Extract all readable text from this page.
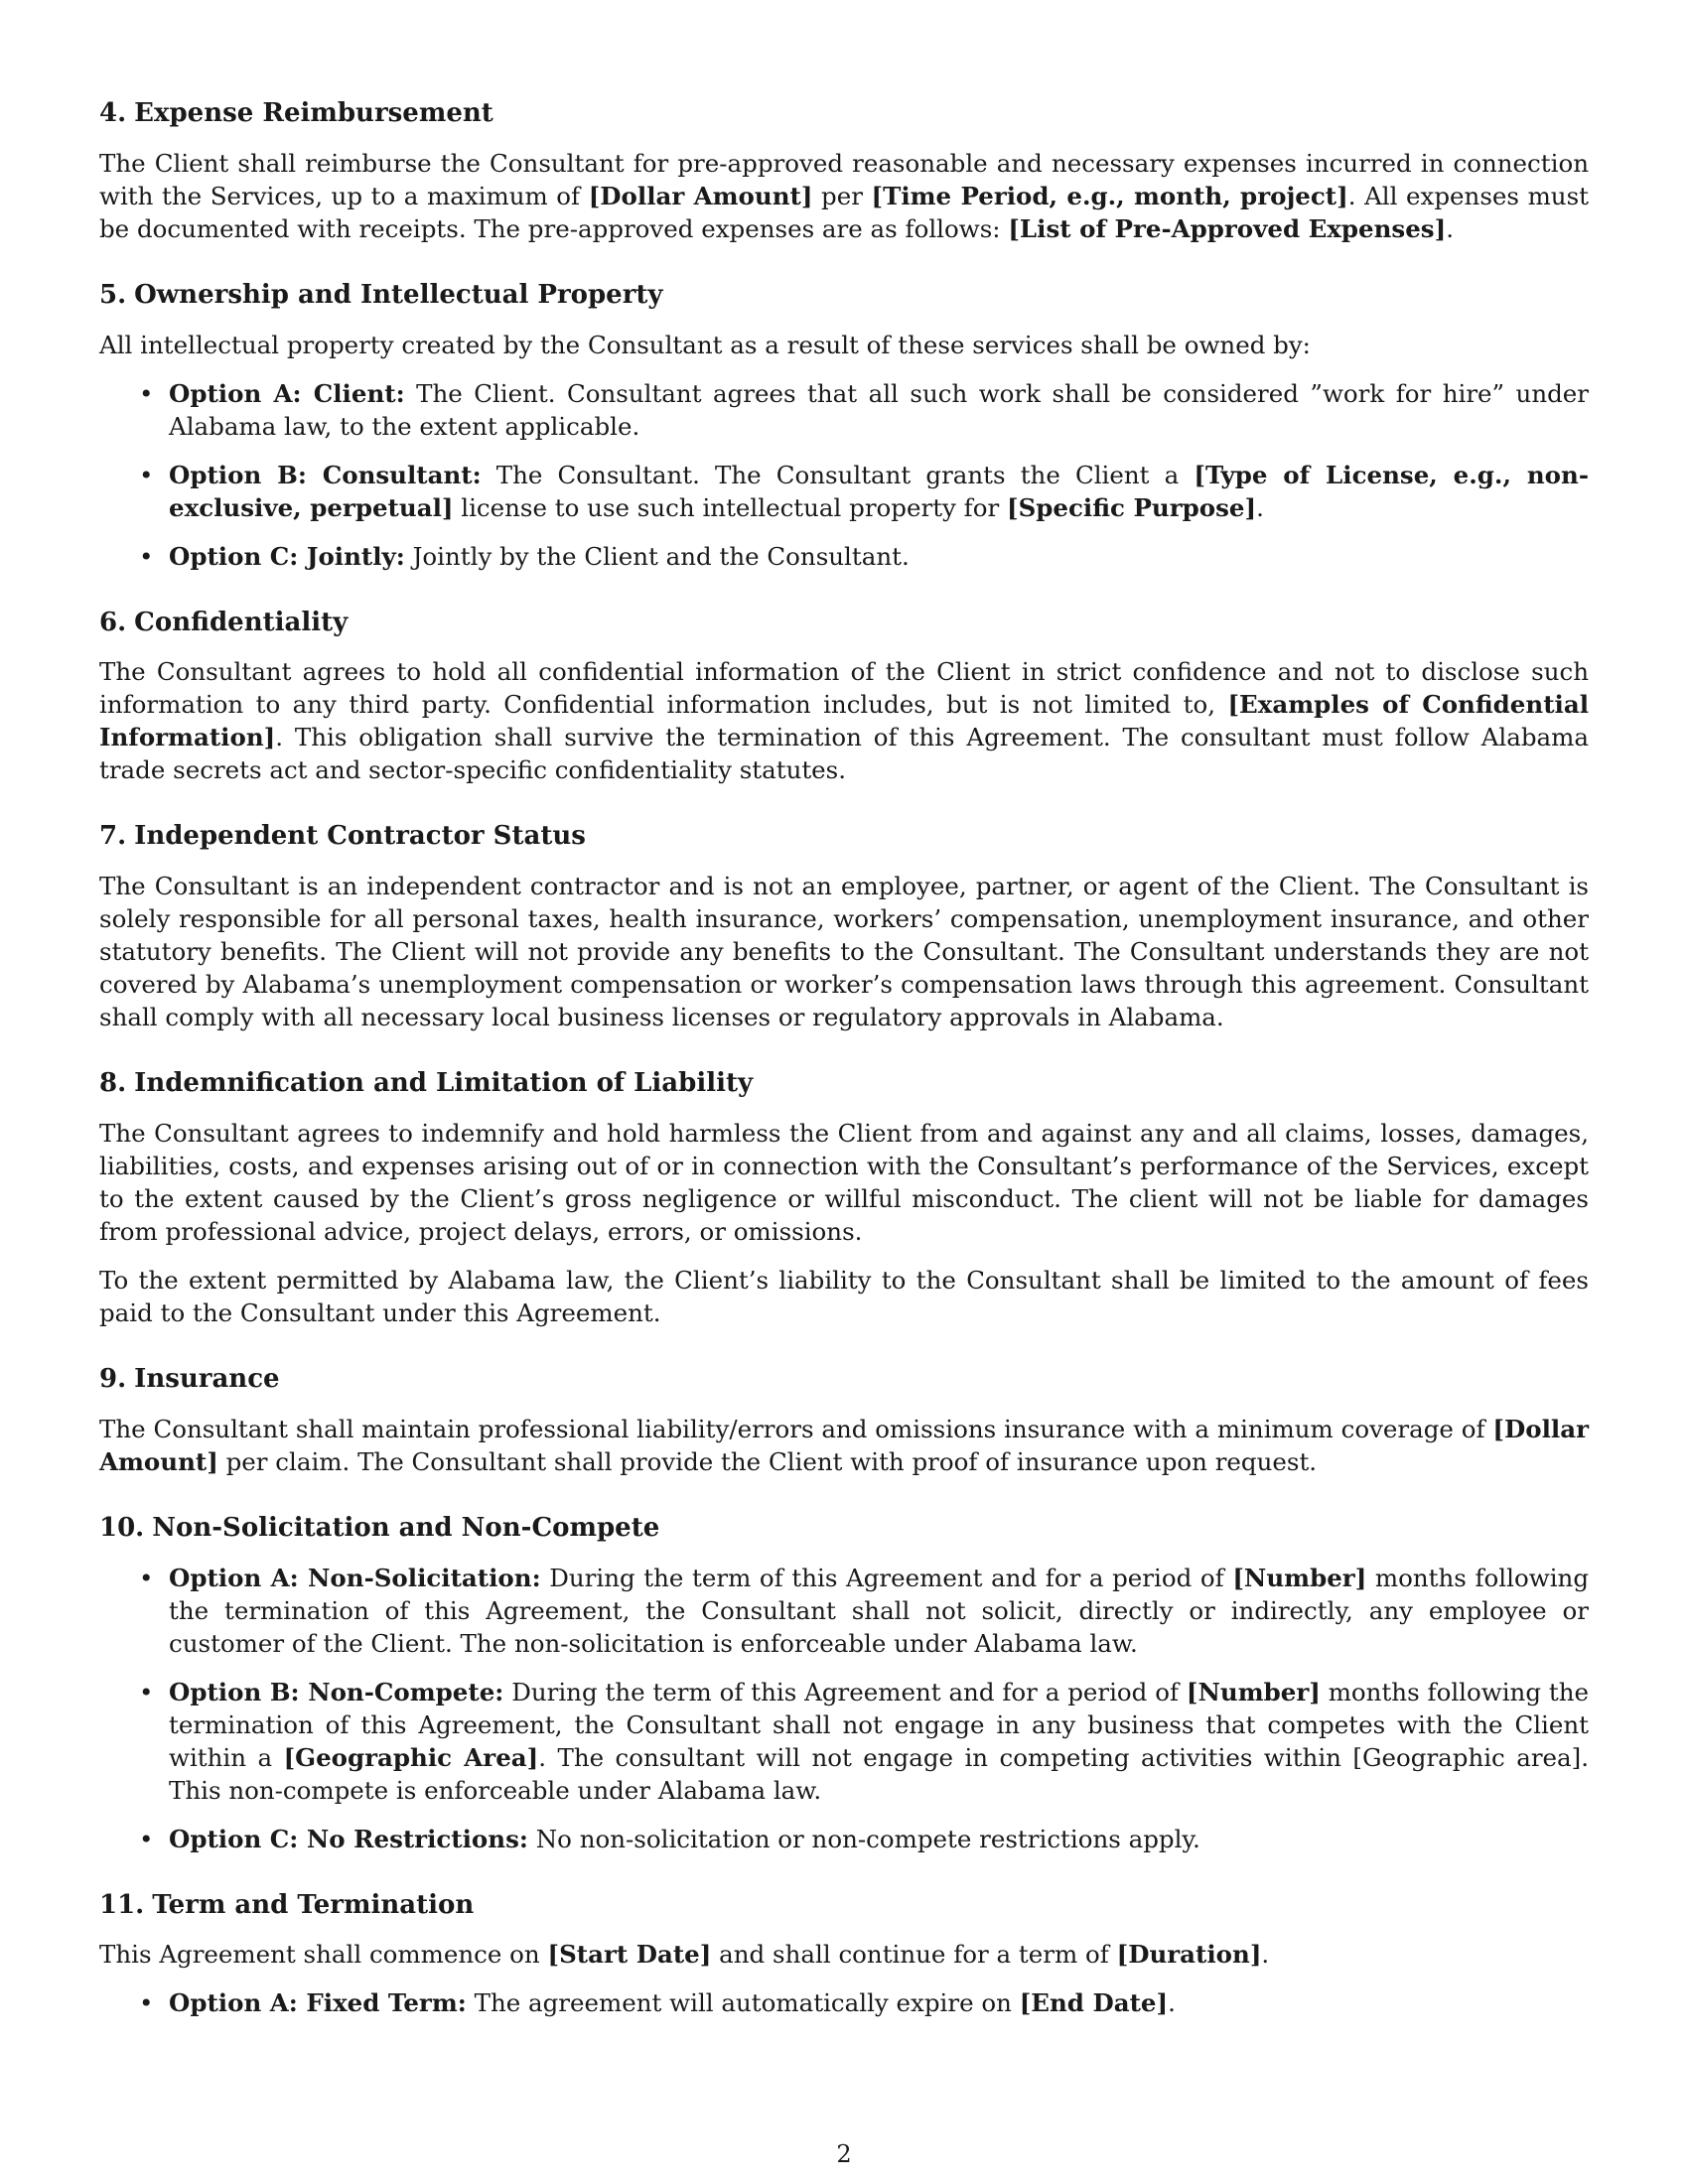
4. Expense Reimbursement

The Client shall reimburse the Consultant for pre-approved reasonable and necessary expenses incurred in connection with the Services, up to a maximum of [Dollar Amount] per [Time Period, e.g., month, project]. All expenses must be documented with receipts. The pre-approved expenses are as follows: [List of Pre-Approved Expenses].

5. Ownership and Intellectual Property

All intellectual property created by the Consultant as a result of these services shall be owned by:

• Option A: Client: The Client. Consultant agrees that all such work shall be considered ”work for hire” under Alabama law, to the extent applicable.
• Option B: Consultant: The Consultant. The Consultant grants the Client a [Type of License, e.g., non-exclusive, perpetual] license to use such intellectual property for [Specific Purpose].
• Option C: Jointly: Jointly by the Client and the Consultant.
6. Confidentiality

The Consultant agrees to hold all confidential information of the Client in strict confidence and not to disclose such information to any third party. Confidential information includes, but is not limited to, [Examples of Confidential Information]. This obligation shall survive the termination of this Agreement. The consultant must follow Alabama trade secrets act and sector-specific confidentiality statutes.

7. Independent Contractor Status

The Consultant is an independent contractor and is not an employee, partner, or agent of the Client. The Consultant is solely responsible for all personal taxes, health insurance, workers’ compensation, unemployment insurance, and other statutory benefits. The Client will not provide any benefits to the Consultant. The Consultant understands they are not covered by Alabama’s unemployment compensation or worker’s compensation laws through this agreement. Consultant shall comply with all necessary local business licenses or regulatory approvals in Alabama.

8. Indemnification and Limitation of Liability

The Consultant agrees to indemnify and hold harmless the Client from and against any and all claims, losses, damages, liabilities, costs, and expenses arising out of or in connection with the Consultant’s performance of the Services, except to the extent caused by the Client’s gross negligence or willful misconduct. The client will not be liable for damages from professional advice, project delays, errors, or omissions.

To the extent permitted by Alabama law, the Client’s liability to the Consultant shall be limited to the amount of fees paid to the Consultant under this Agreement.

9. Insurance

The Consultant shall maintain professional liability/errors and omissions insurance with a minimum coverage of [Dollar Amount] per claim. The Consultant shall provide the Client with proof of insurance upon request.

10. Non-Solicitation and Non-Compete
• Option A: Non-Solicitation: During the term of this Agreement and for a period of [Number] months following the termination of this Agreement, the Consultant shall not solicit, directly or indirectly, any employee or customer of the Client. The non-solicitation is enforceable under Alabama law.
• Option B: Non-Compete: During the term of this Agreement and for a period of [Number] months following the termination of this Agreement, the Consultant shall not engage in any business that competes with the Client within a [Geographic Area]. The consultant will not engage in competing activities within [Geographic area]. This non-compete is enforceable under Alabama law.
• Option C: No Restrictions: No non-solicitation or non-compete restrictions apply.
11. Term and Termination

This Agreement shall commence on [Start Date] and shall continue for a term of [Duration].

• Option A: Fixed Term: The agreement will automatically expire on [End Date].
2
